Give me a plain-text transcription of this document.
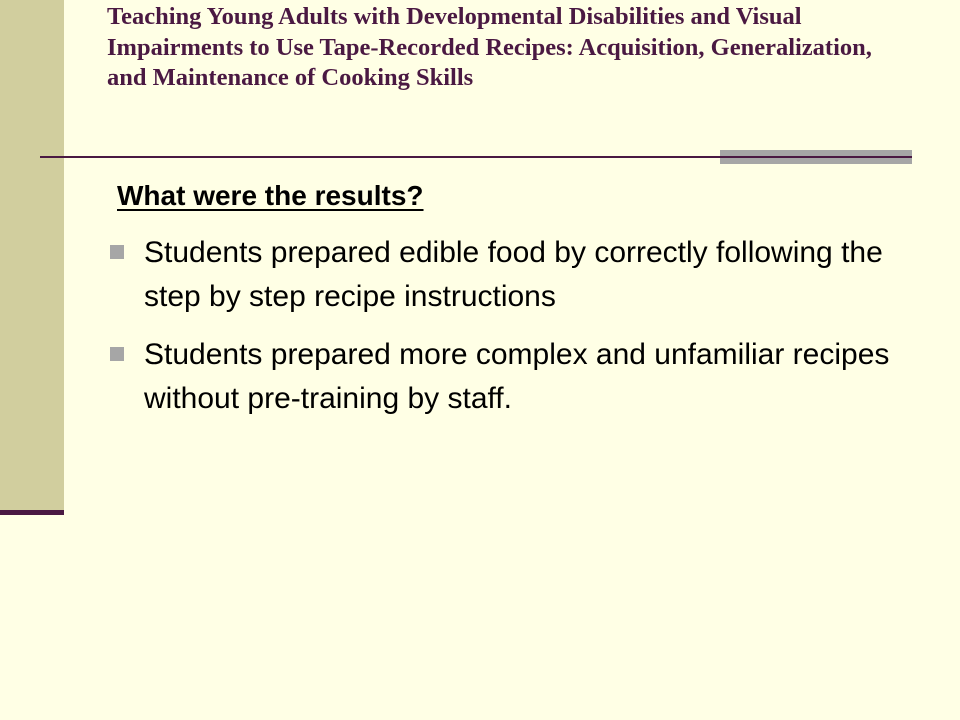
Teaching Young Adults with Developmental Disabilities and Visual Impairments to Use Tape-Recorded Recipes: Acquisition, Generalization, and Maintenance of Cooking Skills
What were the results?
Students prepared edible food by correctly following the step by step recipe instructions
Students prepared more complex and unfamiliar recipes without pre-training by staff.
